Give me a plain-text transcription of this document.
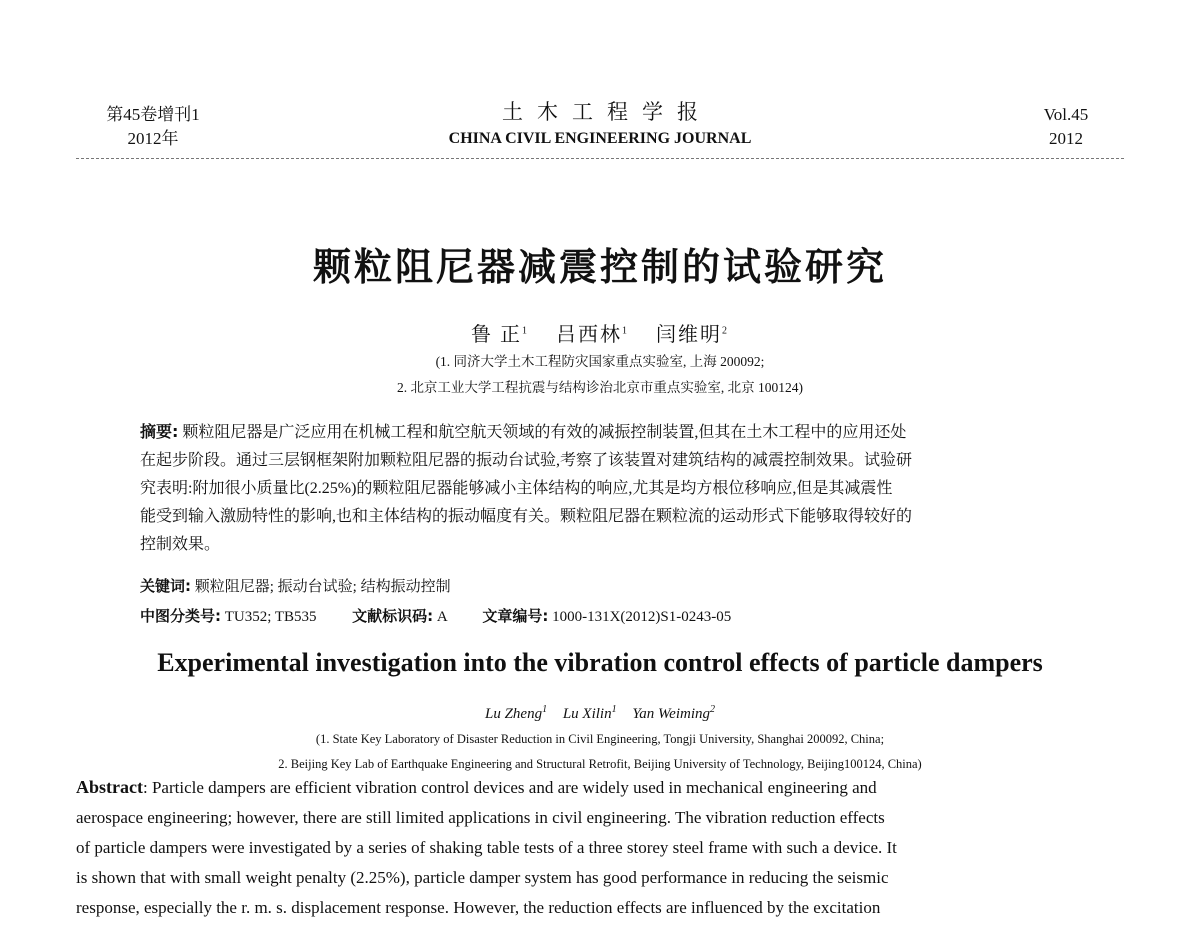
第45卷增刊1
2012年
土木工程学报
CHINA CIVIL ENGINEERING JOURNAL
Vol.45
2012
颗粒阻尼器减震控制的试验研究
鲁 正$^1$ 吕西林$^1$ 闫维明$^2$
(1. 同济大学土木工程防灾国家重点实验室, 上海 200092;
2. 北京工业大学工程抗震与结构诊治北京市重点实验室, 北京 100124)
摘要: 颗粒阻尼器是广泛应用在机械工程和航空航天领域的有效的减振控制装置,但其在土木工程中的应用还处
在起步阶段。通过三层钢框架附加颗粒阻尼器的振动台试验,考察了该装置对建筑结构的减震控制效果。试验研
究表明:附加很小质量比(2.25%)的颗粒阻尼器能够减小主体结构的响应,尤其是均方根位移响应,但是其减震性
能受到输入激励特性的影响,也和主体结构的振动幅度有关。颗粒阻尼器在颗粒流的运动形式下能够取得较好的
控制效果。
关键词: 颗粒阻尼器; 振动台试验; 结构振动控制
中图分类号: TU352; TB535 文献标识码: A 文章编号: 1000-131X(2012)S1-0243-05
Experimental investigation into the vibration control effects of particle dampers
Lu Zheng$^1$ Lu Xilin$^1$ Yan Weiming$^2$
(1. State Key Laboratory of Disaster Reduction in Civil Engineering, Tongji University, Shanghai 200092, China;
2. Beijing Key Lab of Earthquake Engineering and Structural Retrofit, Beijing University of Technology, Beijing100124, China)
Abstract: Particle dampers are efficient vibration control devices and are widely used in mechanical engineering and
aerospace engineering; however, there are still limited applications in civil engineering. The vibration reduction effects
of particle dampers were investigated by a series of shaking table tests of a three storey steel frame with such a device. It
is shown that with small weight penalty (2.25%), particle damper system has good performance in reducing the seismic
response, especially the r. m. s. displacement response. However, the reduction effects are influenced by the excitation
